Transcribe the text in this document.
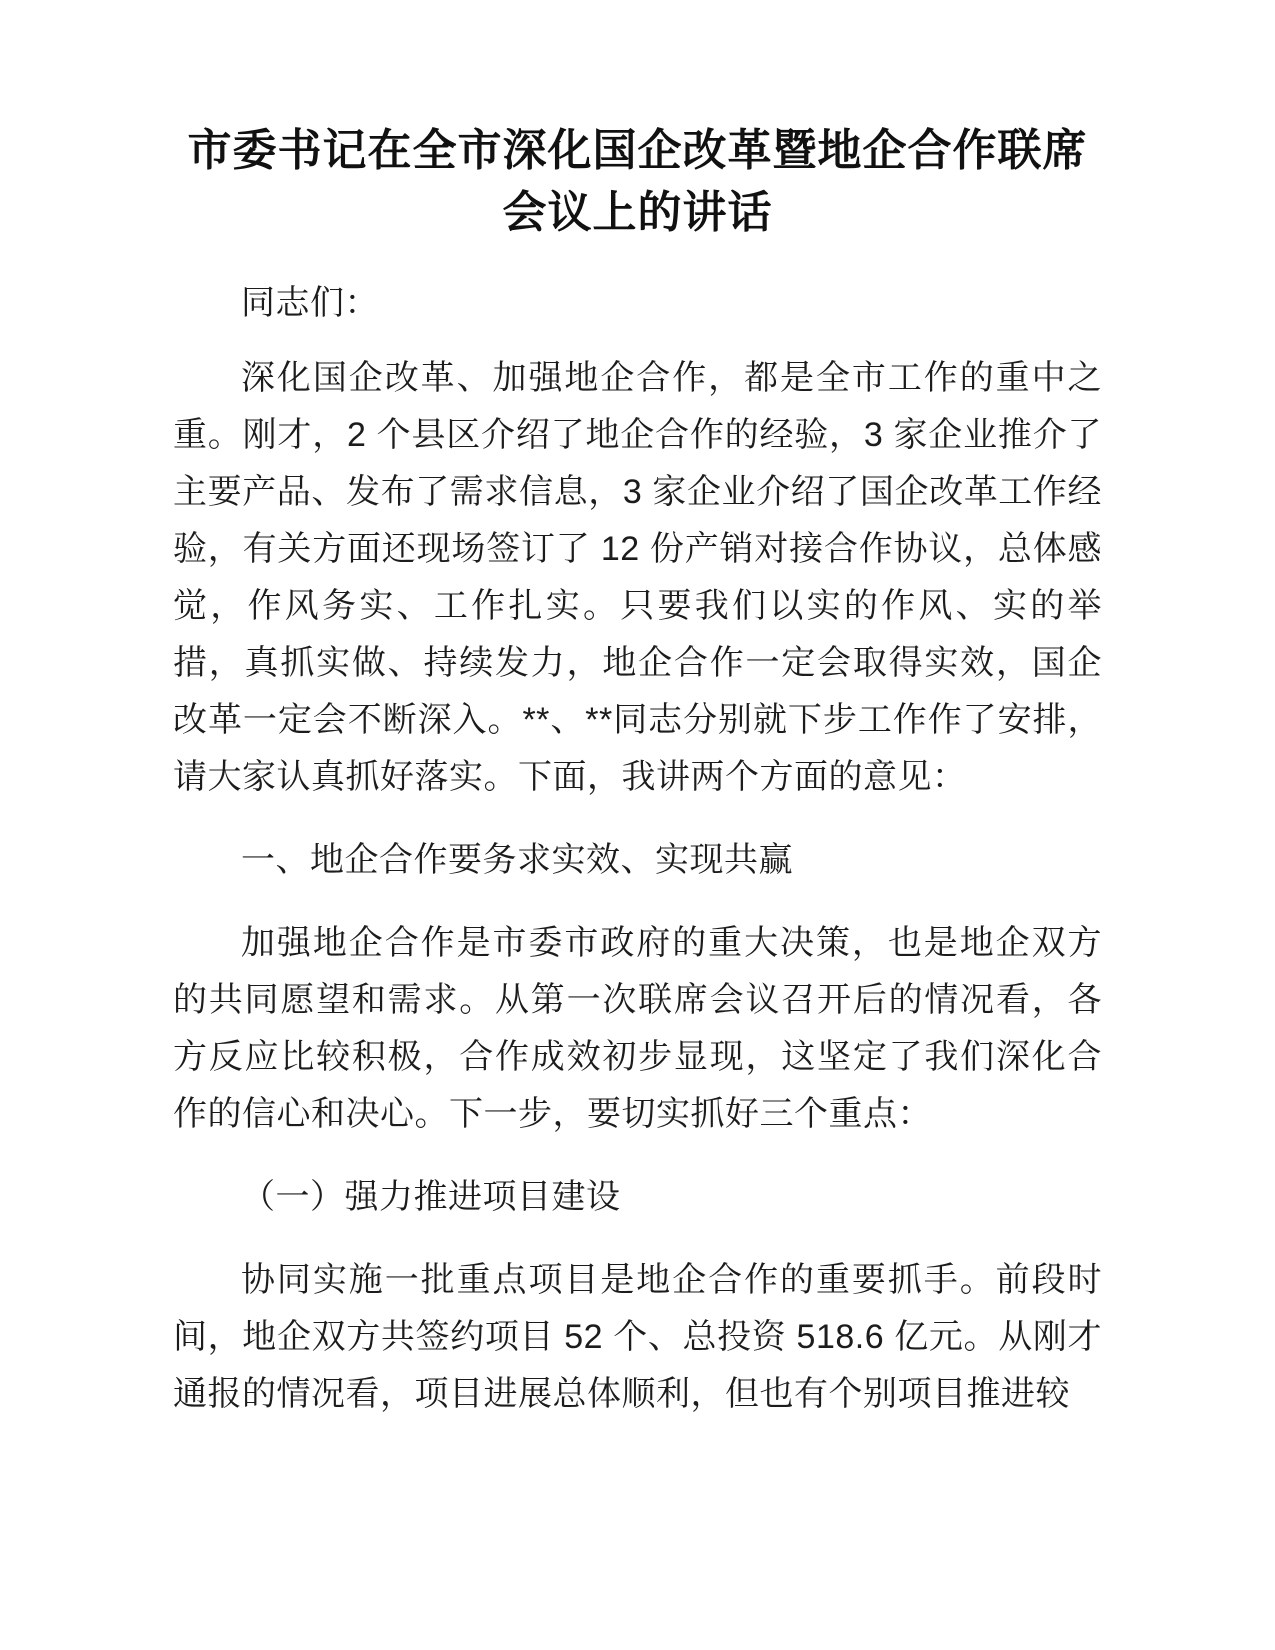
市委书记在全市深化国企改革暨地企合作联席会议上的讲话

同志们：

深化国企改革、加强地企合作，都是全市工作的重中之重。刚才，2 个县区介绍了地企合作的经验，3 家企业推介了主要产品、发布了需求信息，3 家企业介绍了国企改革工作经验，有关方面还现场签订了 12 份产销对接合作协议，总体感觉，作风务实、工作扎实。只要我们以实的作风、实的举措，真抓实做、持续发力，地企合作一定会取得实效，国企改革一定会不断深入。**、**同志分别就下步工作作了安排，请大家认真抓好落实。下面，我讲两个方面的意见：

一、地企合作要务求实效、实现共赢

加强地企合作是市委市政府的重大决策，也是地企双方的共同愿望和需求。从第一次联席会议召开后的情况看，各方反应比较积极，合作成效初步显现，这坚定了我们深化合作的信心和决心。下一步，要切实抓好三个重点：

（一）强力推进项目建设

协同实施一批重点项目是地企合作的重要抓手。前段时间，地企双方共签约项目 52 个、总投资 518.6 亿元。从刚才通报的情况看，项目进展总体顺利，但也有个别项目推进较
